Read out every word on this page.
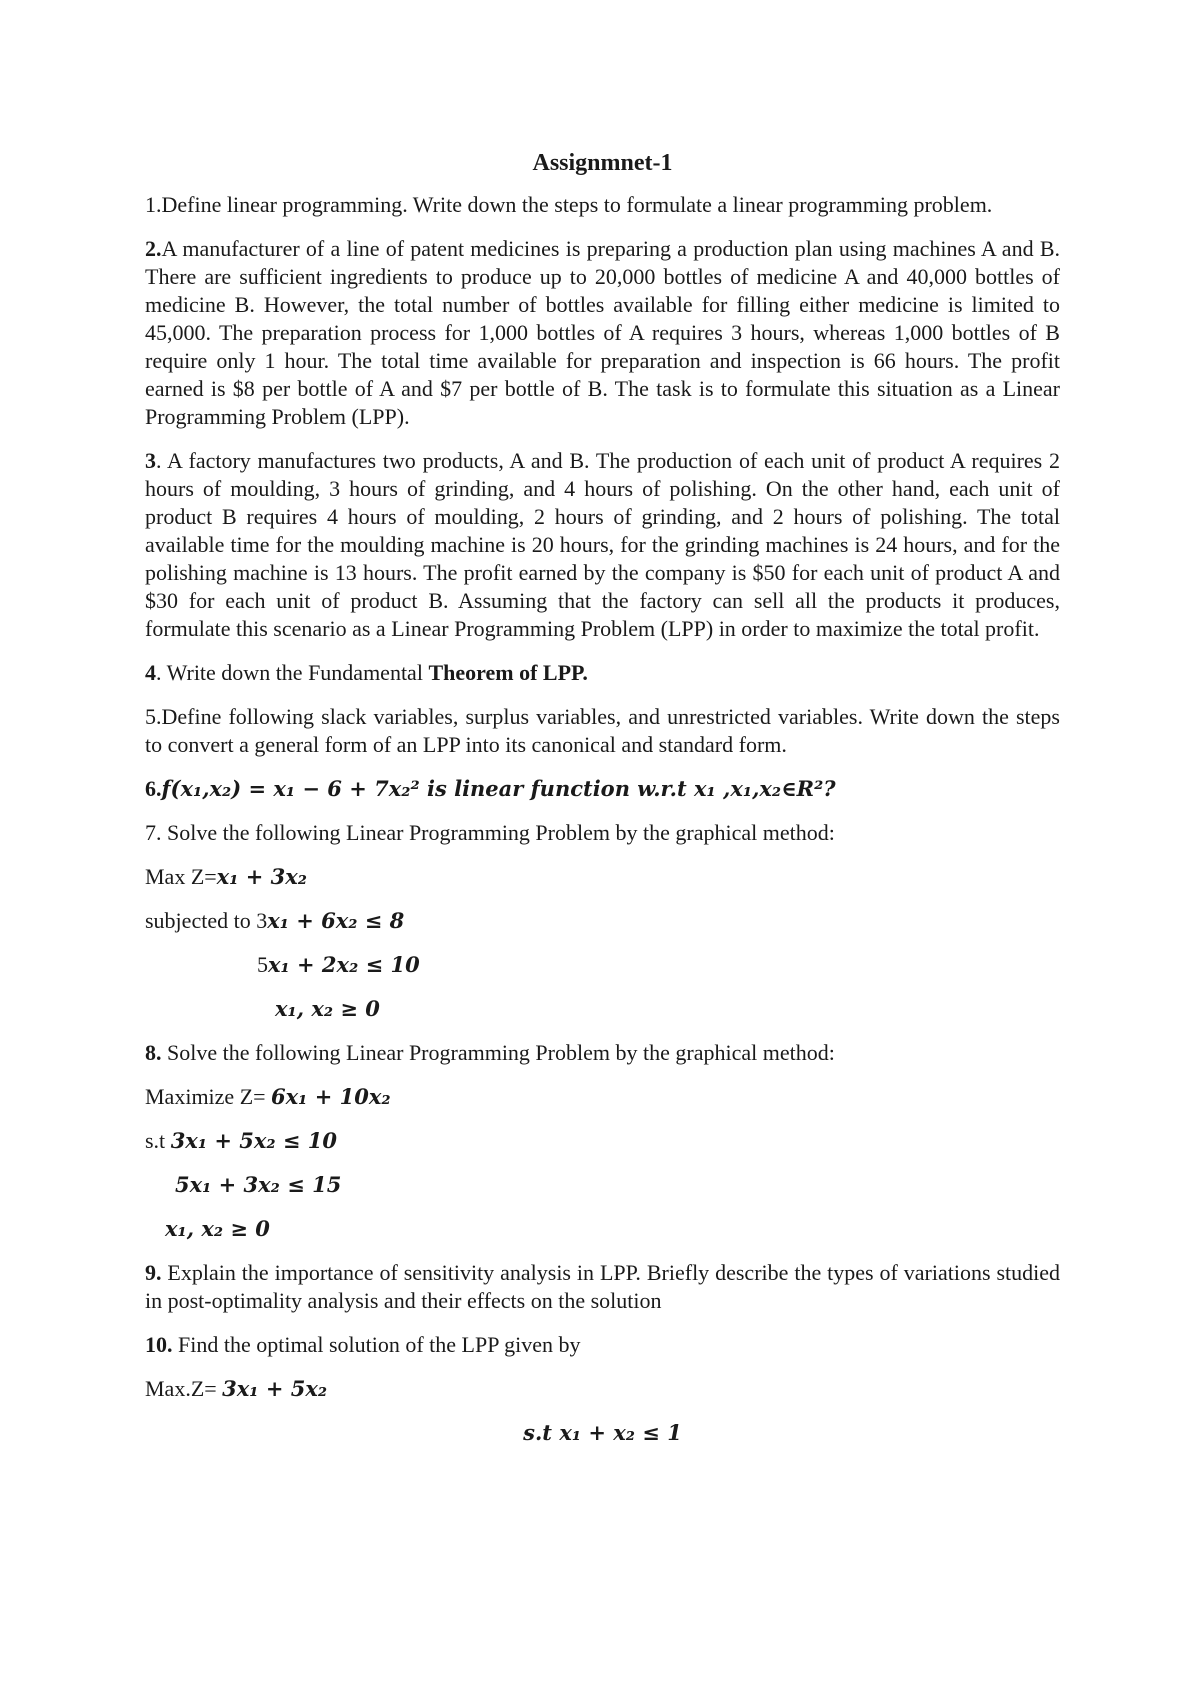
Assignmnet-1

1.Define linear programming. Write down the steps to formulate a linear programming problem.

2.A manufacturer of a line of patent medicines is preparing a production plan using machines A and B. There are sufficient ingredients to produce up to 20,000 bottles of medicine A and 40,000 bottles of medicine B. However, the total number of bottles available for filling either medicine is limited to 45,000. The preparation process for 1,000 bottles of A requires 3 hours, whereas 1,000 bottles of B require only 1 hour. The total time available for preparation and inspection is 66 hours. The profit earned is $8 per bottle of A and $7 per bottle of B. The task is to formulate this situation as a Linear Programming Problem (LPP).

3. A factory manufactures two products, A and B. The production of each unit of product A requires 2 hours of moulding, 3 hours of grinding, and 4 hours of polishing. On the other hand, each unit of product B requires 4 hours of moulding, 2 hours of grinding, and 2 hours of polishing. The total available time for the moulding machine is 20 hours, for the grinding machines is 24 hours, and for the polishing machine is 13 hours. The profit earned by the company is $50 for each unit of product A and $30 for each unit of product B. Assuming that the factory can sell all the products it produces, formulate this scenario as a Linear Programming Problem (LPP) in order to maximize the total profit.

4. Write down the Fundamental Theorem of LPP.

5.Define following slack variables, surplus variables, and unrestricted variables. Write down the steps to convert a general form of an LPP into its canonical and standard form.

6.f(x₁,x₂) = x₁ − 6 + 7x₂² is linear function w.r.t x₁ ,x₁,x₂∈R²?

7. Solve the following Linear Programming Problem by the graphical method:

Max Z=x₁ + 3x₂

subjected to 3x₁ + 6x₂ ≤ 8

5x₁ + 2x₂ ≤ 10

x₁, x₂ ≥ 0

8. Solve the following Linear Programming Problem by the graphical method:

Maximize Z= 6x₁ + 10x₂

s.t 3x₁ + 5x₂ ≤ 10

5x₁ + 3x₂ ≤ 15

x₁, x₂ ≥ 0

9. Explain the importance of sensitivity analysis in LPP. Briefly describe the types of variations studied in post-optimality analysis and their effects on the solution

10. Find the optimal solution of the LPP given by

Max.Z= 3x₁ + 5x₂

s.t x₁ + x₂ ≤ 1
